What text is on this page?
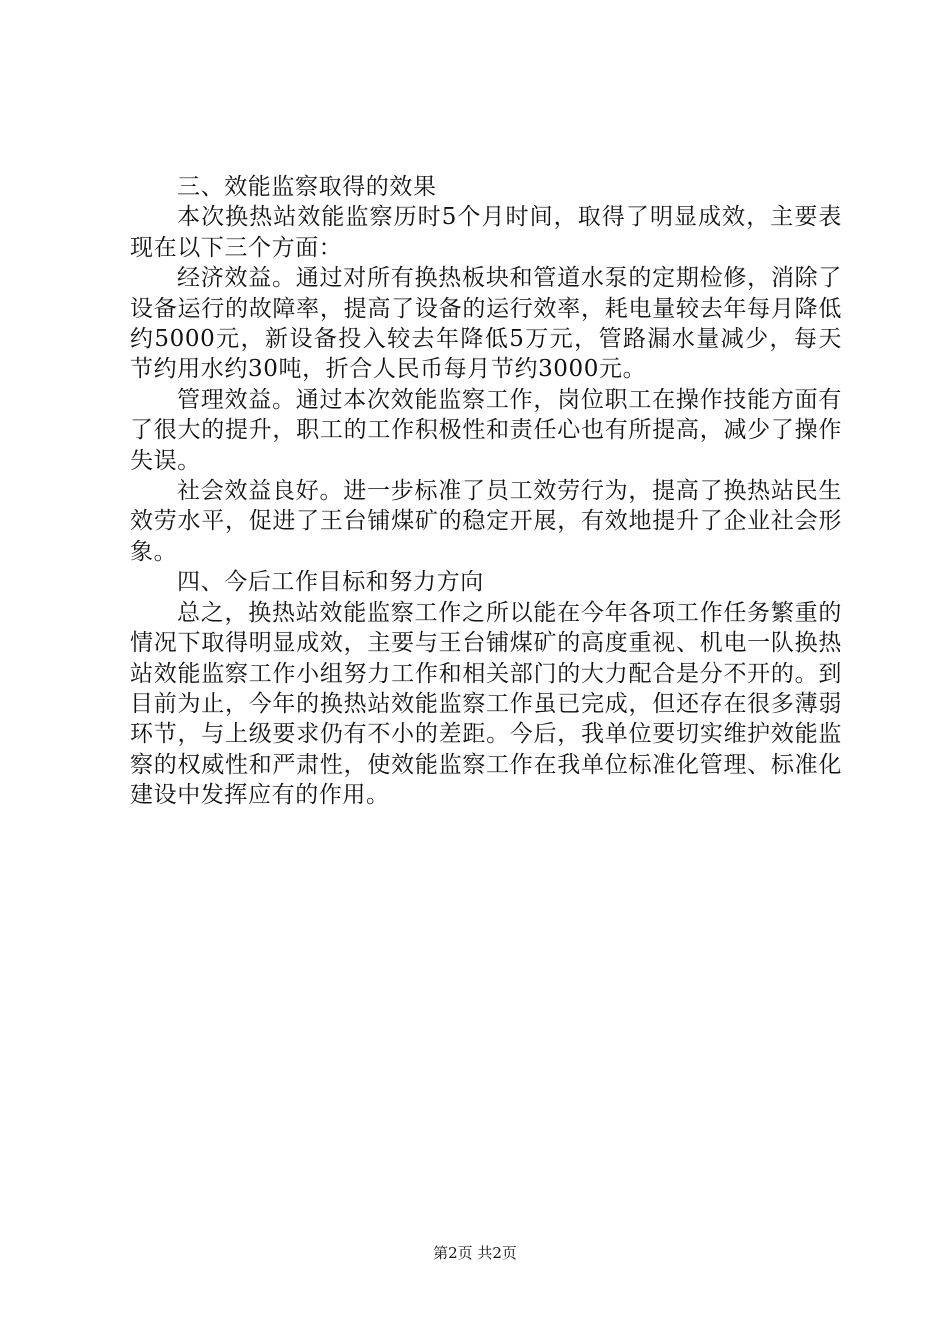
三、效能监察取得的效果

本次换热站效能监察历时5个月时间，取得了明显成效，主要表现在以下三个方面：

经济效益。通过对所有换热板块和管道水泵的定期检修，消除了设备运行的故障率，提高了设备的运行效率，耗电量较去年每月降低约5000元，新设备投入较去年降低5万元，管路漏水量减少，每天节约用水约30吨，折合人民币每月节约3000元。

管理效益。通过本次效能监察工作，岗位职工在操作技能方面有了很大的提升，职工的工作积极性和责任心也有所提高，减少了操作失误。

社会效益良好。进一步标准了员工效劳行为，提高了换热站民生效劳水平，促进了王台铺煤矿的稳定开展，有效地提升了企业社会形象。

四、今后工作目标和努力方向

总之，换热站效能监察工作之所以能在今年各项工作任务繁重的情况下取得明显成效，主要与王台铺煤矿的高度重视、机电一队换热站效能监察工作小组努力工作和相关部门的大力配合是分不开的。到目前为止，今年的换热站效能监察工作虽已完成，但还存在很多薄弱环节，与上级要求仍有不小的差距。今后，我单位要切实维护效能监察的权威性和严肃性，使效能监察工作在我单位标准化管理、标准化建设中发挥应有的作用。

第2页 共2页
